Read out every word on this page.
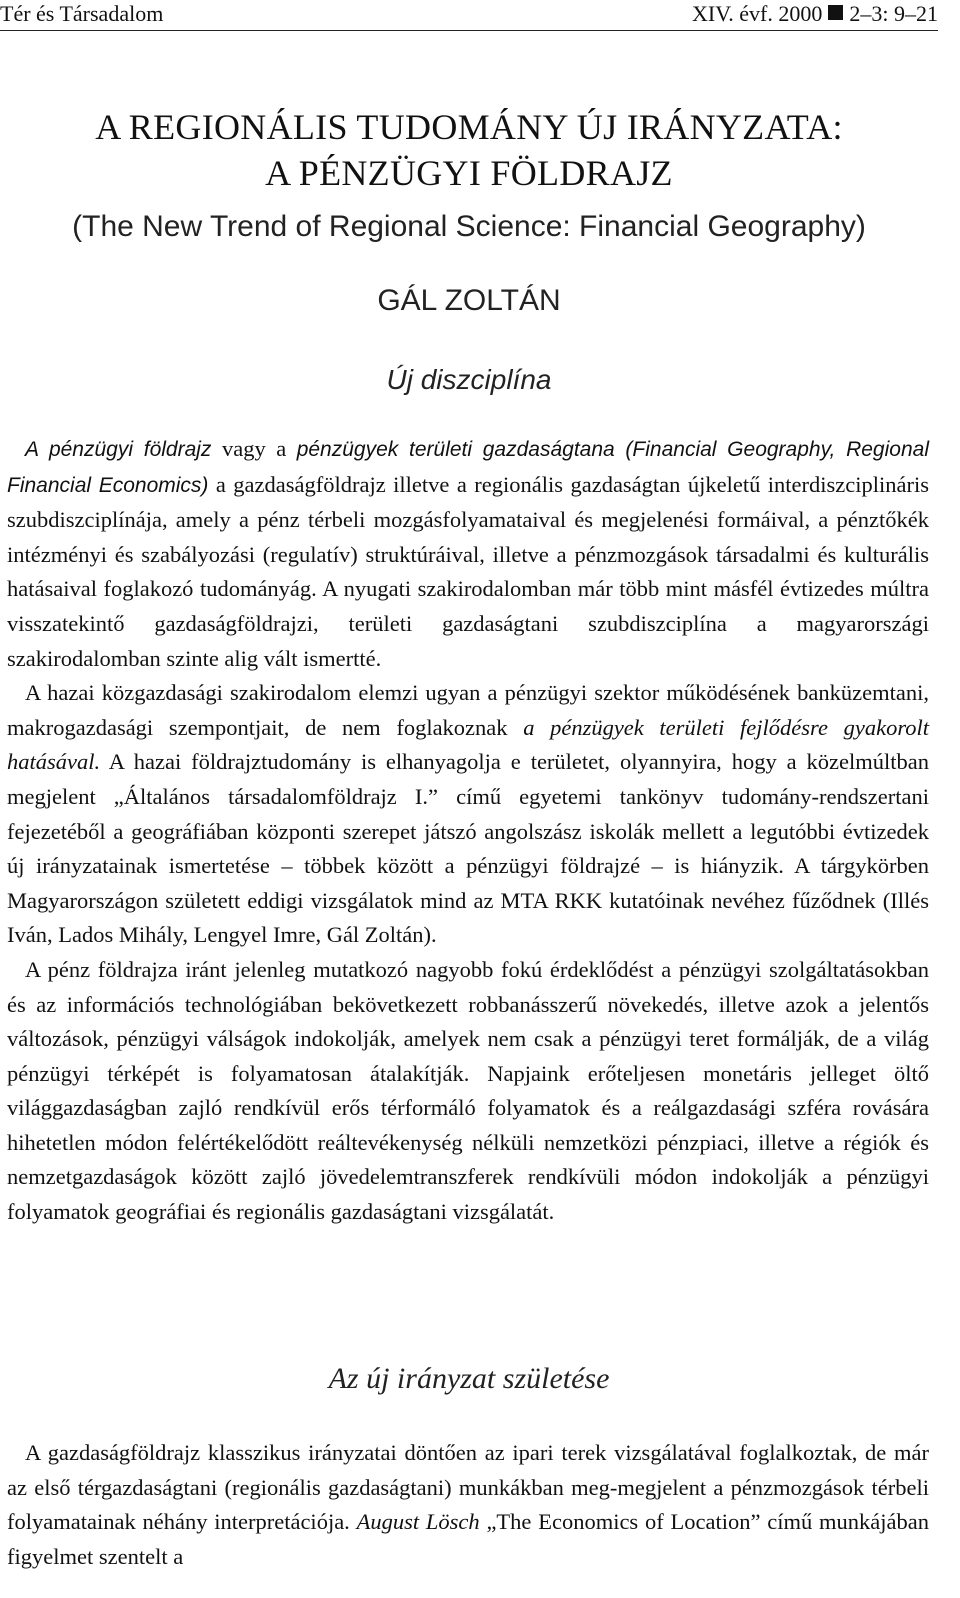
Tér és Társadalom	XIV. évf. 2000 2–3: 9–21
A REGIONÁLIS TUDOMÁNY ÚJ IRÁNYZATA:
A PÉNZÜGYI FÖLDRAJZ
(The New Trend of Regional Science: Financial Geography)
GÁL ZOLTÁN
Új diszciplína

A pénzügyi földrajz vagy a pénzügyek területi gazdaságtana (Financial Geography, Regional Financial Economics) a gazdaságföldrajz illetve a regionális gazdaságtan újkeletű interdiszciplináris szubdiszciplínája, amely a pénz térbeli mozgásfolyamataival és megjelenési formáival, a pénztőkék intézményi és szabályozási (regulatív) struktúráival, illetve a pénzmozgások társadalmi és kulturális hatásaival foglakozó tudományág. A nyugati szakirodalomban már több mint másfél évtizedes múltra visszatekintő gazdaságföldrajzi, területi gazdaságtani szubdiszciplína a magyarországi szakirodalomban szinte alig vált ismertté.

A hazai közgazdasági szakirodalom elemzi ugyan a pénzügyi szektor működésének banküzemtani, makrogazdasági szempontjait, de nem foglakoznak a pénzügyek területi fejlődésre gyakorolt hatásával. A hazai földrajztudomány is elhanyagolja e területet, olyannyira, hogy a közelmúltban megjelent „Általános társadalomföldrajz I.” című egyetemi tankönyv tudomány-rendszertani fejezetéből a geográfiában központi szerepet játszó angolszász iskolák mellett a legutóbbi évtizedek új irányzatainak ismertetése – többek között a pénzügyi földrajzé – is hiányzik. A tárgykörben Magyarországon született eddigi vizsgálatok mind az MTA RKK kutatóinak nevéhez fűződnek (Illés Iván, Lados Mihály, Lengyel Imre, Gál Zoltán).

A pénz földrajza iránt jelenleg mutatkozó nagyobb fokú érdeklődést a pénzügyi szolgáltatásokban és az információs technológiában bekövetkezett robbanásszerű növekedés, illetve azok a jelentős változások, pénzügyi válságok indokolják, amelyek nem csak a pénzügyi teret formálják, de a világ pénzügyi térképét is folyamatosan átalakítják. Napjaink erőteljesen monetáris jelleget öltő világgazdaságban zajló rendkívül erős térformáló folyamatok és a reálgazdasági szféra rovására hihetetlen módon felértékelődött reáltevékenység nélküli nemzetközi pénzpiaci, illetve a régiók és nemzetgazdaságok között zajló jövedelemtranszferek rendkívüli módon indokolják a pénzügyi folyamatok geográfiai és regionális gazdaságtani vizsgálatát.

Az új irányzat születése

A gazdaságföldrajz klasszikus irányzatai döntően az ipari terek vizsgálatával foglalkoztak, de már az első térgazdaságtani (regionális gazdaságtani) munkákban meg-megjelent a pénzmozgások térbeli folyamatainak néhány interpretációja. August Lösch „The Economics of Location” című munkájában figyelmet szentelt a
